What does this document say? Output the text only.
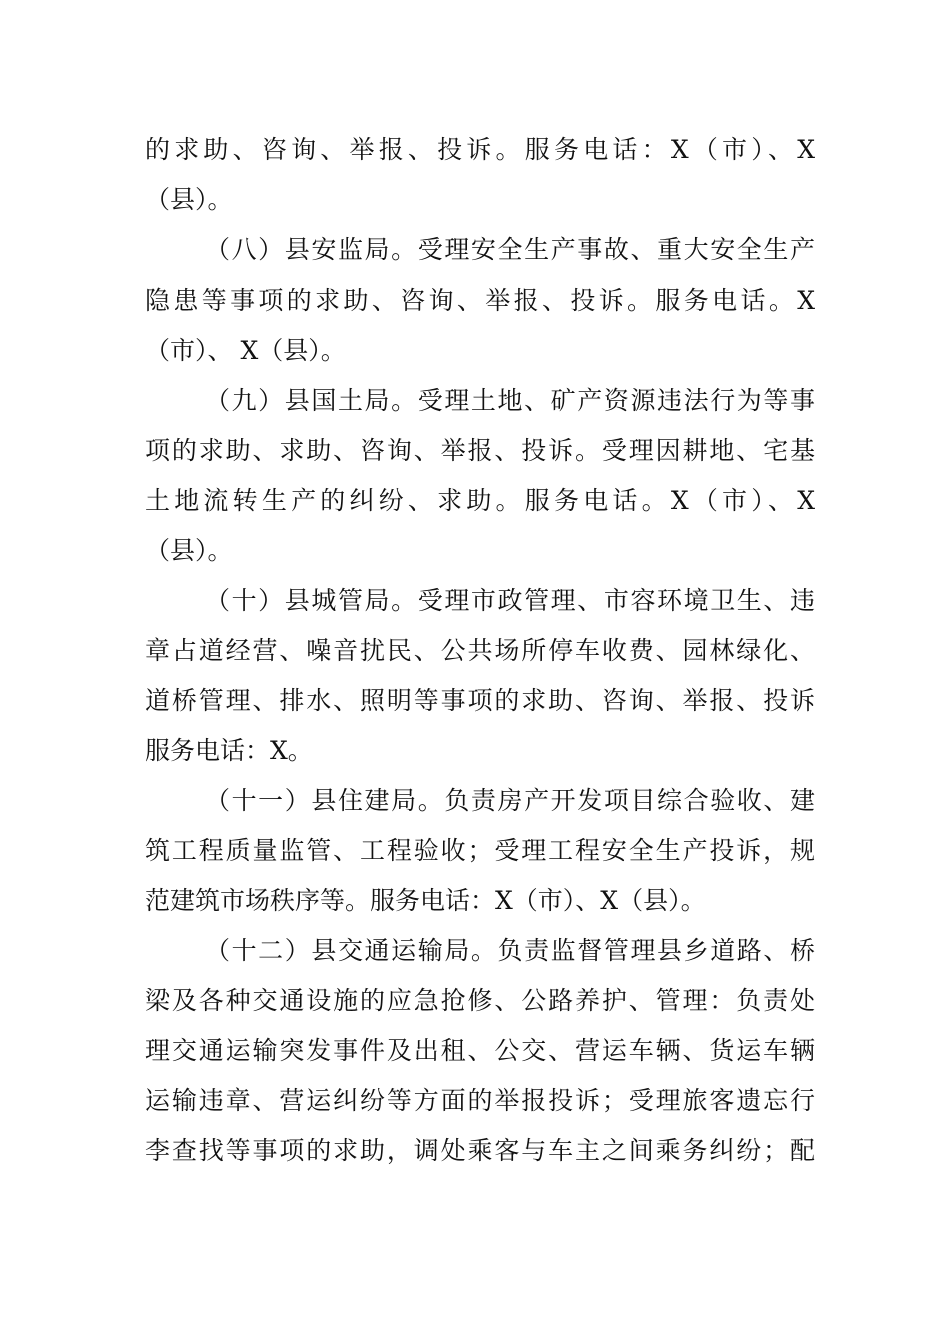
的求助、咨询、举报、投诉。服务电话：X（市）、X
（县）。
（八）县安监局。受理安全生产事故、重大安全生产
隐患等事项的求助、咨询、举报、投诉。服务电话。X
（市）、 X（县）。
（九）县国土局。受理土地、矿产资源违法行为等事
项的求助、求助、咨询、举报、投诉。受理因耕地、宅基
土地流转生产的纠纷、求助。服务电话。X（市）、X
（县）。
（十）县城管局。受理市政管理、市容环境卫生、违
章占道经营、噪音扰民、公共场所停车收费、园林绿化、
道桥管理、排水、照明等事项的求助、咨询、举报、投诉
服务电话：X。
（十一）县住建局。负责房产开发项目综合验收、建
筑工程质量监管、工程验收；受理工程安全生产投诉，规
范建筑市场秩序等。服务电话：X（市）、X（县）。
（十二）县交通运输局。负责监督管理县乡道路、桥
梁及各种交通设施的应急抢修、公路养护、管理：负责处
理交通运输突发事件及出租、公交、营运车辆、货运车辆
运输违章、营运纠纷等方面的举报投诉；受理旅客遗忘行
李查找等事项的求助，调处乘客与车主之间乘务纠纷；配
